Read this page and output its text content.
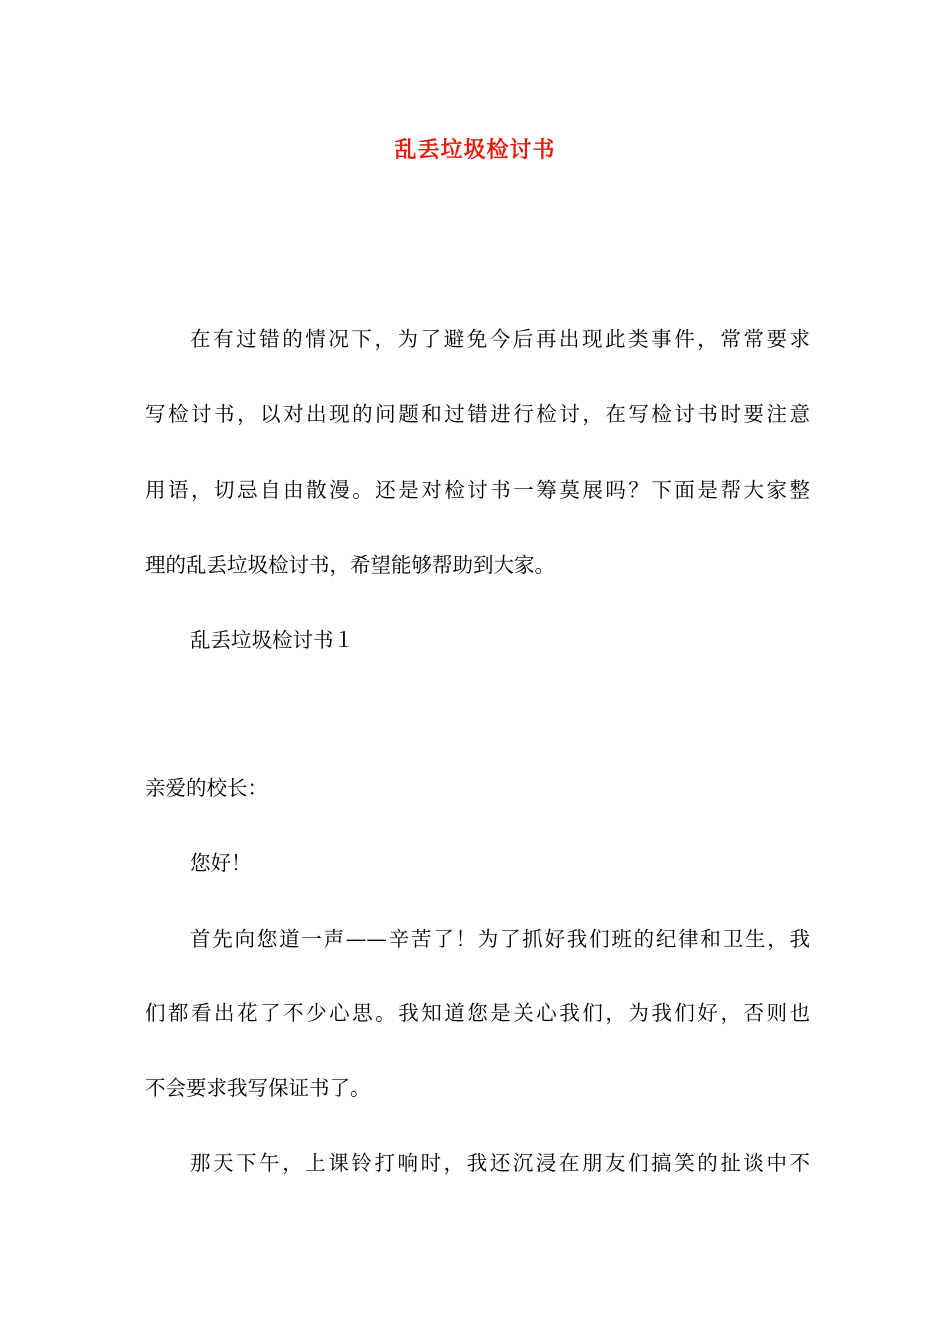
乱丢垃圾检讨书
在有过错的情况下，为了避免今后再出现此类事件，常常要求
写检讨书，以对出现的问题和过错进行检讨，在写检讨书时要注意
用语，切忌自由散漫。还是对检讨书一筹莫展吗？下面是帮大家整
理的乱丢垃圾检讨书，希望能够帮助到大家。
乱丢垃圾检讨书１
亲爱的校长：
您好！
首先向您道一声——辛苦了！为了抓好我们班的纪律和卫生，我
们都看出花了不少心思。我知道您是关心我们，为我们好，否则也
不会要求我写保证书了。
那天下午，上课铃打响时，我还沉浸在朋友们搞笑的扯谈中不
